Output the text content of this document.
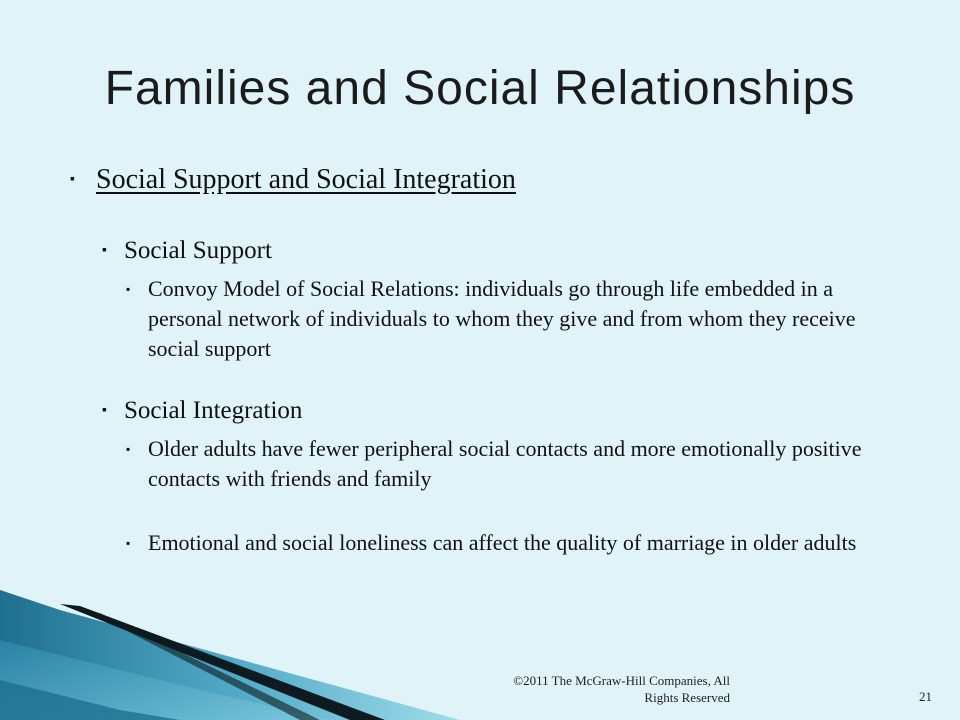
Families and Social Relationships
▪ Social Support and Social Integration
▪ Social Support
▪ Convoy Model of Social Relations: individuals go through life embedded in a personal network of individuals to whom they give and from whom they receive social support
▪ Social Integration
▪ Older adults have fewer peripheral social contacts and more emotionally positive contacts with friends and family
▪ Emotional and social loneliness can affect the quality of marriage in older adults
©2011 The McGraw-Hill Companies, All
Rights Reserved	21
